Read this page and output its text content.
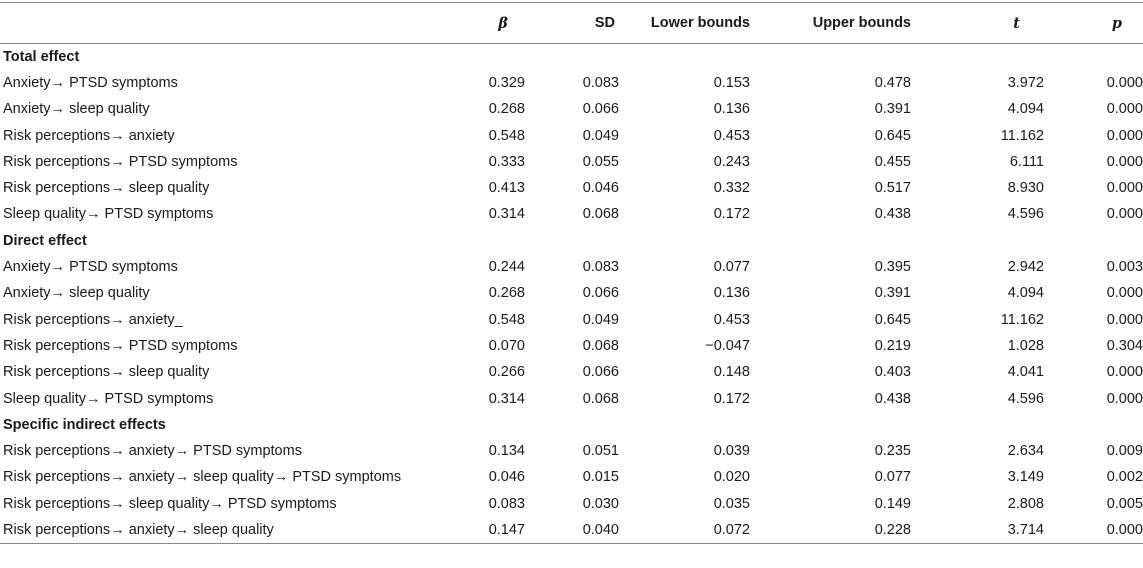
	β	SD	Lower bounds	Upper bounds	t	p
Total effect						
Anxiety→ PTSD symptoms	0.329	0.083	0.153	0.478	3.972	0.000
Anxiety→ sleep quality	0.268	0.066	0.136	0.391	4.094	0.000
Risk perceptions→ anxiety	0.548	0.049	0.453	0.645	11.162	0.000
Risk perceptions→ PTSD symptoms	0.333	0.055	0.243	0.455	6.111	0.000
Risk perceptions→ sleep quality	0.413	0.046	0.332	0.517	8.930	0.000
Sleep quality→ PTSD symptoms	0.314	0.068	0.172	0.438	4.596	0.000
Direct effect						
Anxiety→ PTSD symptoms	0.244	0.083	0.077	0.395	2.942	0.003
Anxiety→ sleep quality	0.268	0.066	0.136	0.391	4.094	0.000
Risk perceptions→ anxiety_	0.548	0.049	0.453	0.645	11.162	0.000
Risk perceptions→ PTSD symptoms	0.070	0.068	−0.047	0.219	1.028	0.304
Risk perceptions→ sleep quality	0.266	0.066	0.148	0.403	4.041	0.000
Sleep quality→ PTSD symptoms	0.314	0.068	0.172	0.438	4.596	0.000
Specific indirect effects						
Risk perceptions→ anxiety→ PTSD symptoms	0.134	0.051	0.039	0.235	2.634	0.009
Risk perceptions→ anxiety→ sleep quality→ PTSD symptoms	0.046	0.015	0.020	0.077	3.149	0.002
Risk perceptions→ sleep quality→ PTSD symptoms	0.083	0.030	0.035	0.149	2.808	0.005
Risk perceptions→ anxiety→ sleep quality	0.147	0.040	0.072	0.228	3.714	0.000
